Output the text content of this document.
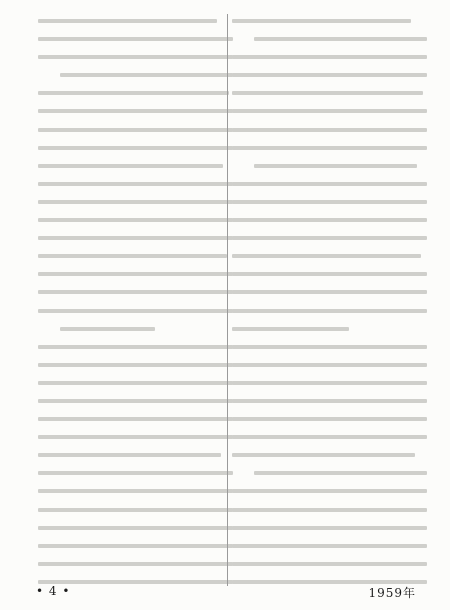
• 4 •	1959年
